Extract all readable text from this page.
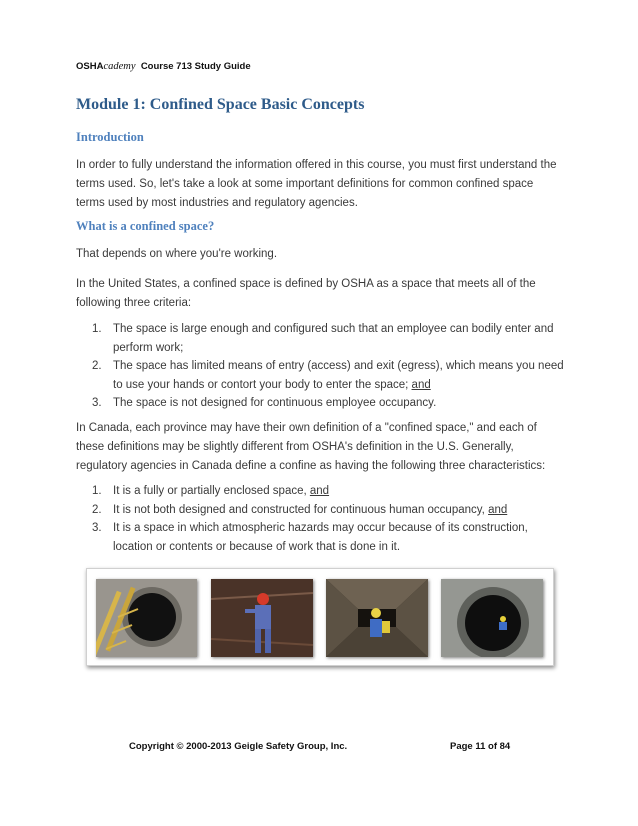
OSHAcademy Course 713 Study Guide
Module 1: Confined Space Basic Concepts
Introduction

In order to fully understand the information offered in this course, you must first understand the terms used. So, let's take a look at some important definitions for common confined space terms used by most industries and regulatory agencies.

What is a confined space?

That depends on where you're working.

In the United States, a confined space is defined by OSHA as a space that meets all of the following three criteria:

1. The space is large enough and configured such that an employee can bodily enter and perform work;
2. The space has limited means of entry (access) and exit (egress), which means you need to use your hands or contort your body to enter the space; and
3. The space is not designed for continuous employee occupancy.

In Canada, each province may have their own definition of a "confined space," and each of these definitions may be slightly different from OSHA's definition in the U.S. Generally, regulatory agencies in Canada define a confine as having the following three characteristics:

1. It is a fully or partially enclosed space, and
2. It is not both designed and constructed for continuous human occupancy, and
3. It is a space in which atmospheric hazards may occur because of its construction, location or contents or because of work that is done in it.
Copyright © 2000-2013 Geigle Safety Group, Inc.	Page 11 of 84
